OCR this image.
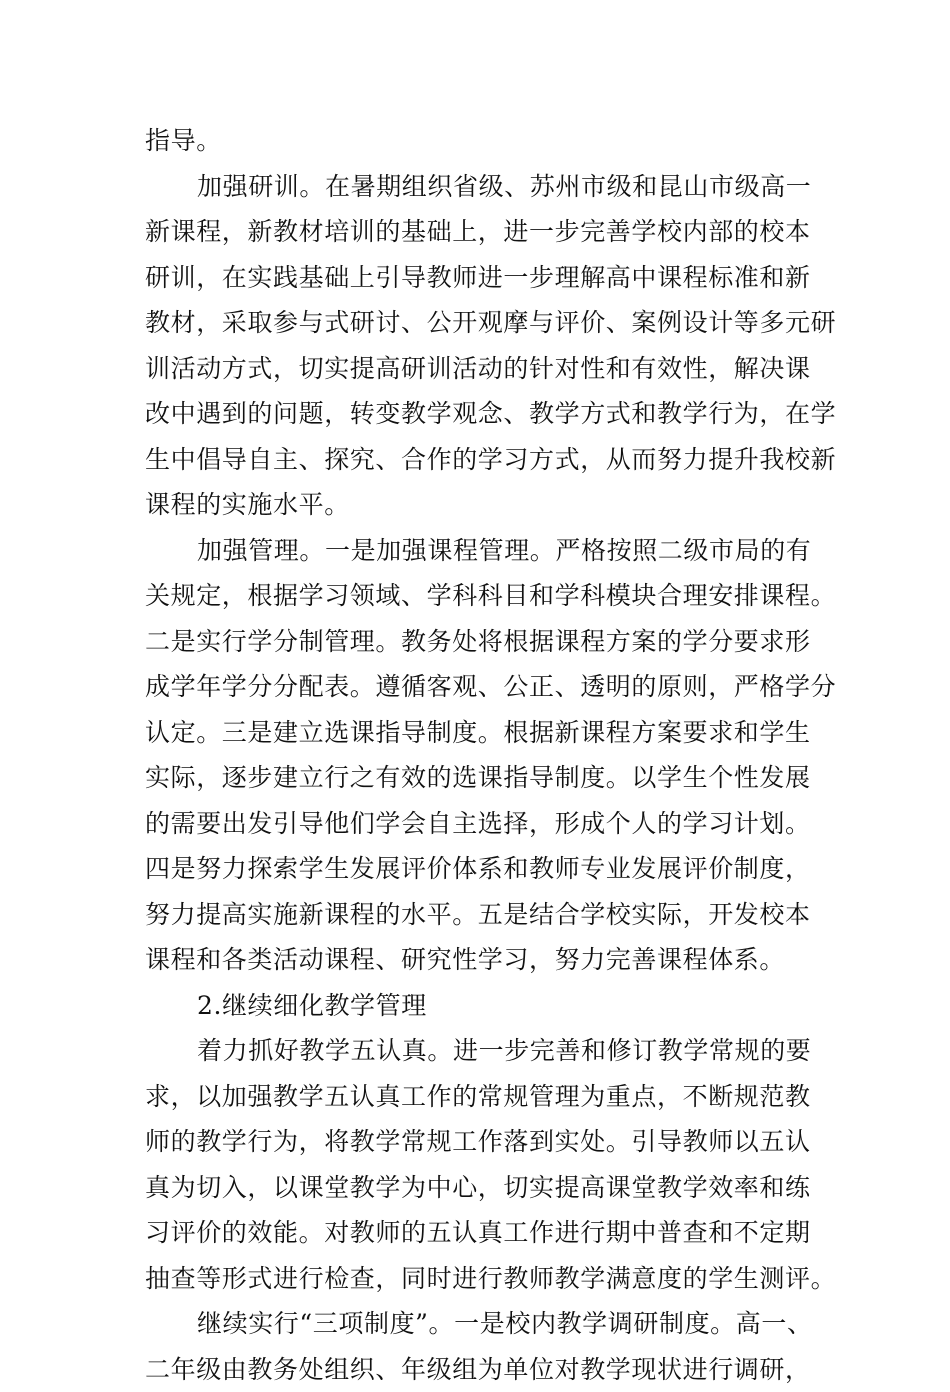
指导。
加强研训。在暑期组织省级、苏州市级和昆山市级高一
新课程，新教材培训的基础上，进一步完善学校内部的校本
研训，在实践基础上引导教师进一步理解高中课程标准和新
教材，采取参与式研讨、公开观摩与评价、案例设计等多元研
训活动方式，切实提高研训活动的针对性和有效性，解决课
改中遇到的问题，转变教学观念、教学方式和教学行为，在学
生中倡导自主、探究、合作的学习方式，从而努力提升我校新
课程的实施水平。
加强管理。一是加强课程管理。严格按照二级市局的有
关规定，根据学习领域、学科科目和学科模块合理安排课程。
二是实行学分制管理。教务处将根据课程方案的学分要求形
成学年学分分配表。遵循客观、公正、透明的原则，严格学分
认定。三是建立选课指导制度。根据新课程方案要求和学生
实际，逐步建立行之有效的选课指导制度。以学生个性发展
的需要出发引导他们学会自主选择，形成个人的学习计划。
四是努力探索学生发展评价体系和教师专业发展评价制度，
努力提高实施新课程的水平。五是结合学校实际，开发校本
课程和各类活动课程、研究性学习，努力完善课程体系。
2.继续细化教学管理
着力抓好教学五认真。进一步完善和修订教学常规的要
求，以加强教学五认真工作的常规管理为重点，不断规范教
师的教学行为，将教学常规工作落到实处。引导教师以五认
真为切入，以课堂教学为中心，切实提高课堂教学效率和练
习评价的效能。对教师的五认真工作进行期中普查和不定期
抽查等形式进行检查，同时进行教师教学满意度的学生测评。
继续实行“三项制度”。一是校内教学调研制度。高一、
二年级由教务处组织、年级组为单位对教学现状进行调研，
